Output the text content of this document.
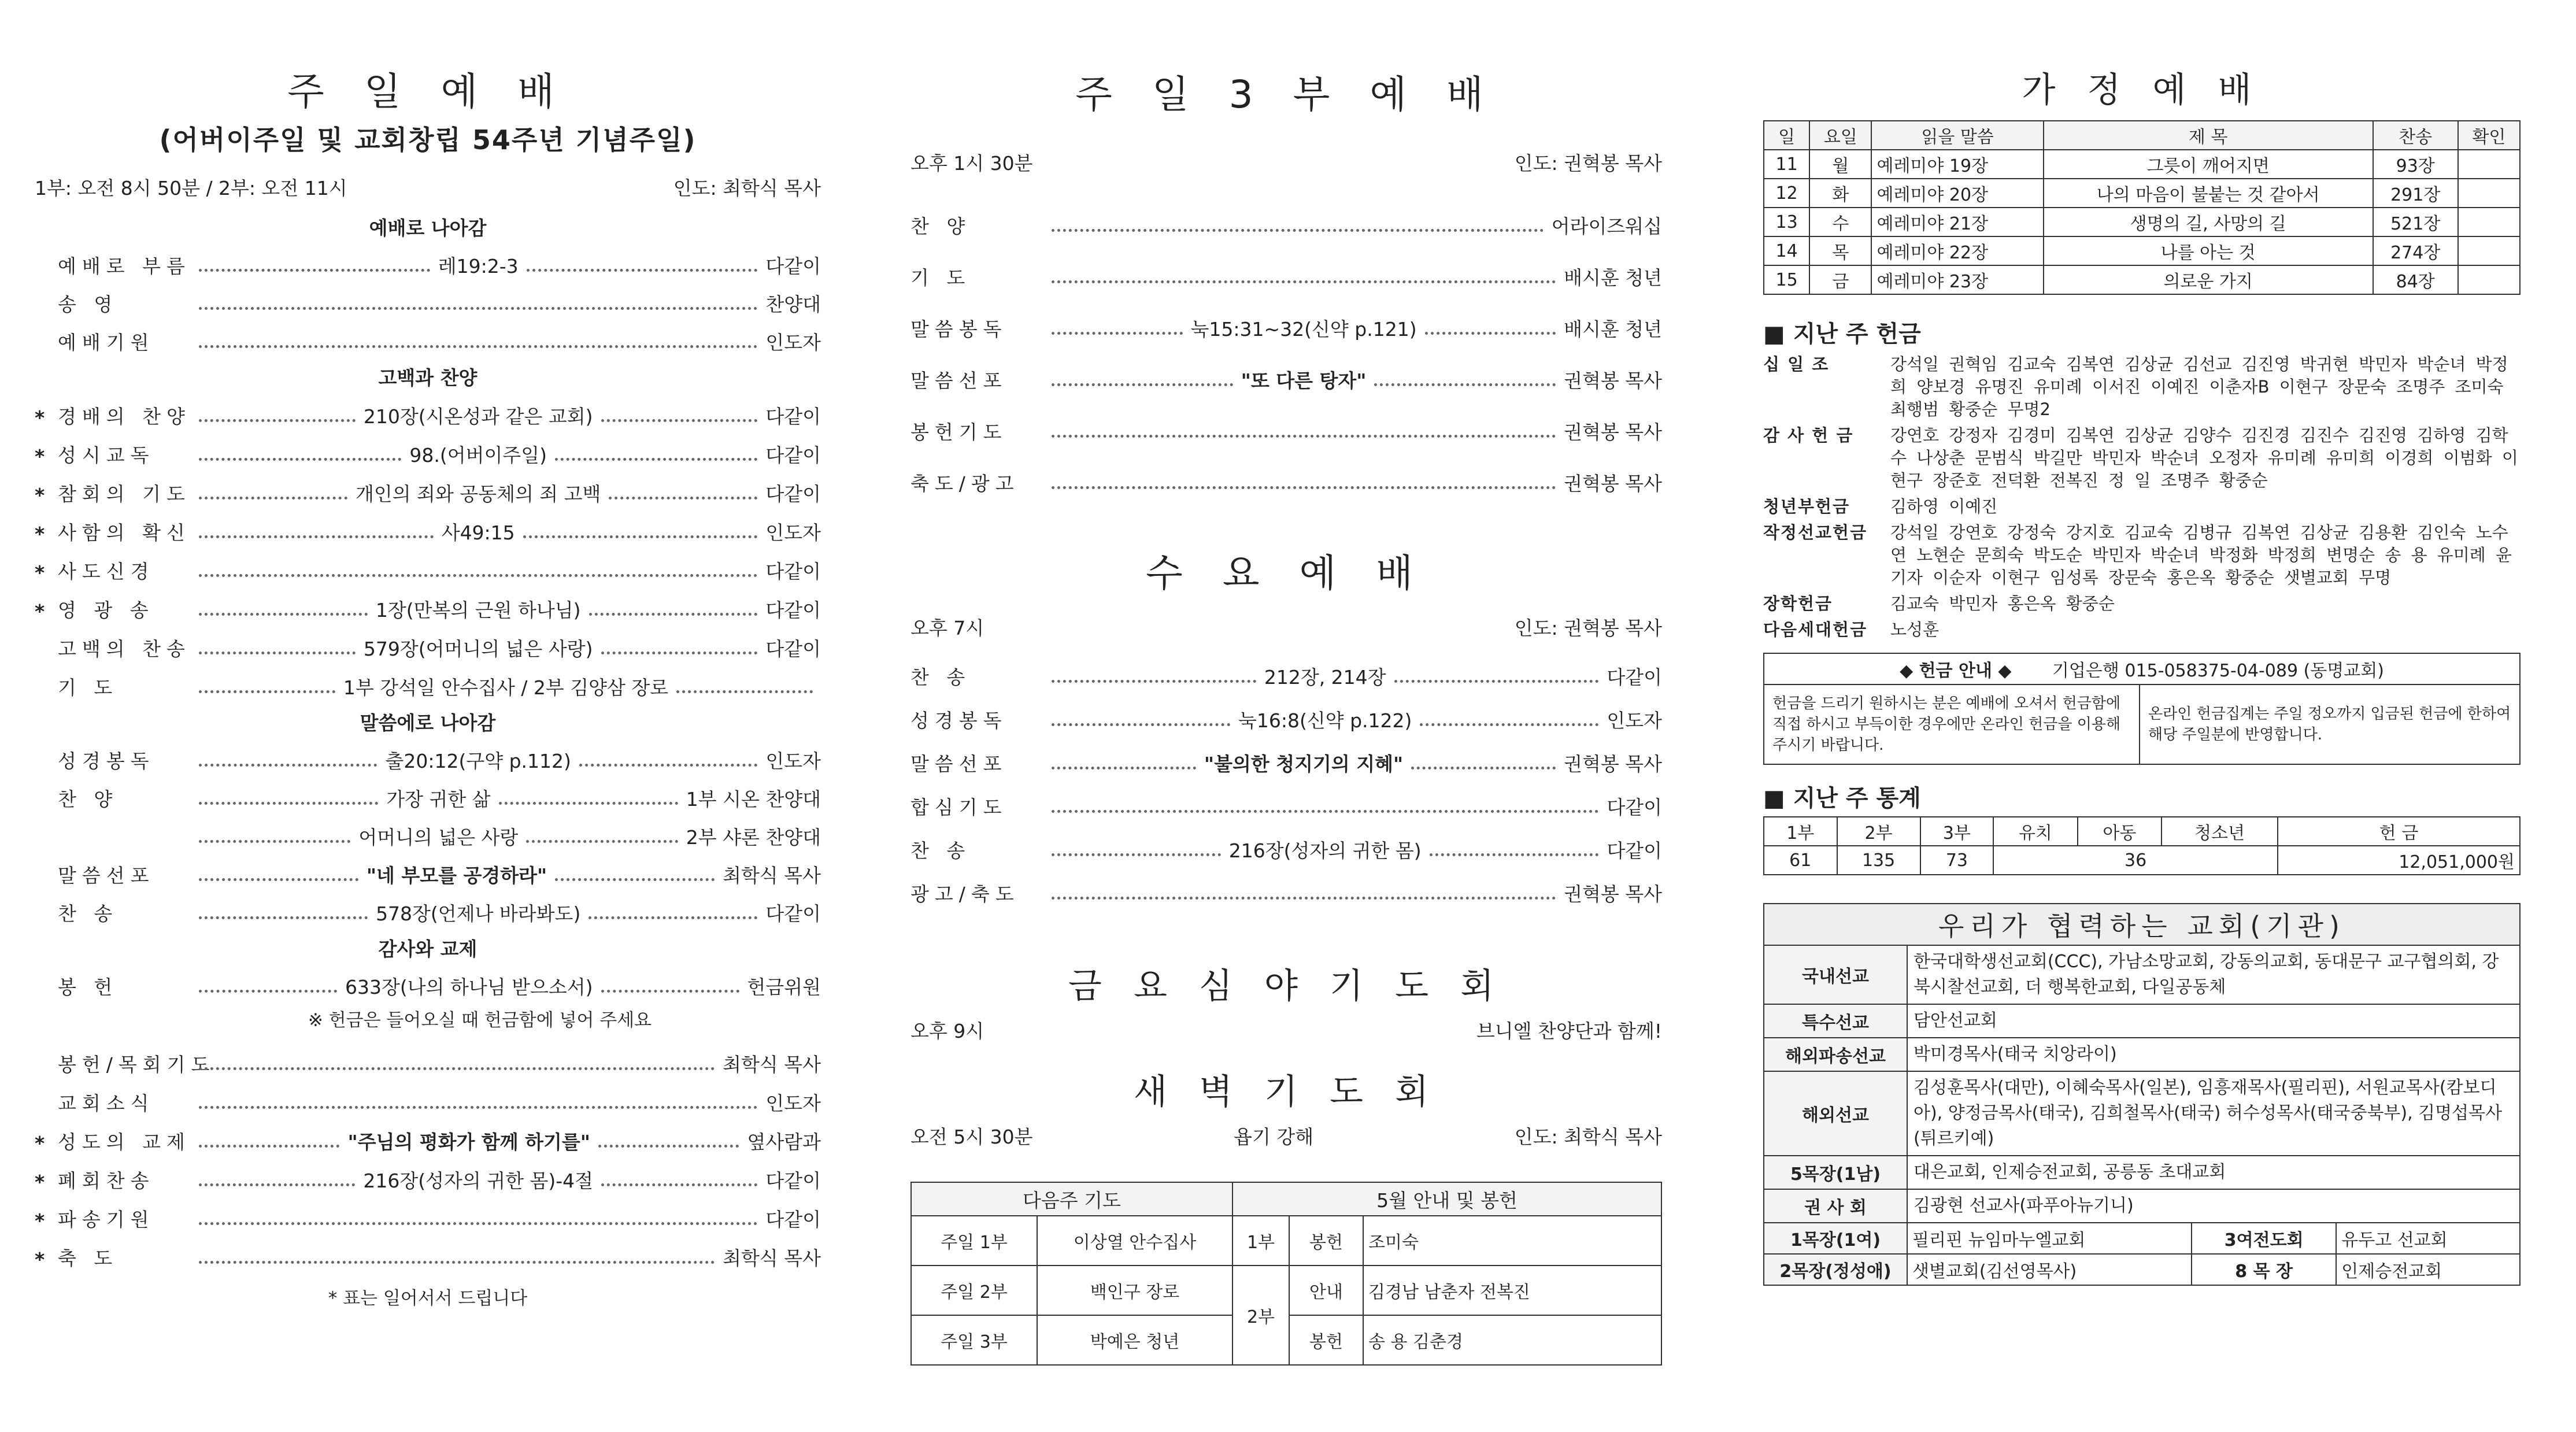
주 일 예 배
(어버이주일 및 교회창립 54주년 기념주일)
1부: 오전 8시 50분 / 2부: 오전 11시	인도: 최학식 목사
예배로 나아감
예배로 부름	레19:2-3	다같이
송 영	찬양대
예배기원	인도자
고백과 찬양
* 경배의 찬양	210장(시온성과 같은 교회)	다같이
* 성시교독	98.(어버이주일)	다같이
* 참회의 기도	개인의 죄와 공동체의 죄 고백	다같이
* 사함의 확신	사49:15	인도자
* 사도신경	다같이
* 영 광 송	1장(만복의 근원 하나님)	다같이
고백의 찬송	579장(어머니의 넓은 사랑)	다같이
기 도	1부 강석일 안수집사 / 2부 김양삼 장로
말씀에로 나아감
성경봉독	출20:12(구약 p.112)	인도자
찬 양	가장 귀한 삶	1부 시온 찬양대
어머니의 넓은 사랑	2부 샤론 찬양대
말씀선포	"네 부모를 공경하라"	최학식 목사
찬 송	578장(언제나 바라봐도)	다같이
감사와 교제
봉 헌	633장(나의 하나님 받으소서)	헌금위원
※ 헌금은 들어오실 때 헌금함에 넣어 주세요
봉헌/목회기도	최학식 목사
교회소식	인도자
* 성도의 교제	"주님의 평화가 함께 하기를"	옆사람과
* 폐회찬송	216장(성자의 귀한 몸)-4절	다같이
* 파송기원	다같이
* 축 도	최학식 목사
* 표는 일어서서 드립니다
주 일 3 부 예 배
오후 1시 30분	인도: 권혁봉 목사
찬 양	어라이즈워십
기 도	배시훈 청년
말씀봉독	눅15:31~32(신약 p.121)	배시훈 청년
말씀선포	"또 다른 탕자"	권혁봉 목사
봉헌기도	권혁봉 목사
축도/광고	권혁봉 목사
수 요 예 배
오후 7시	인도: 권혁봉 목사
찬 송	212장, 214장	다같이
성경봉독	눅16:8(신약 p.122)	인도자
말씀선포	"불의한 청지기의 지혜"	권혁봉 목사
합심기도	다같이
찬 송	216장(성자의 귀한 몸)	다같이
광고/축도	권혁봉 목사
금 요 심 야 기 도 회
오후 9시	브니엘 찬양단과 함께!
새 벽 기 도 회
오전 5시 30분	욥기 강해	인도: 최학식 목사
다음주 기도		5월 안내 및 봉헌		
주일 1부	이상열 안수집사	1부	봉헌	조미숙
주일 2부	백인구 장로	2부	안내	김경남 남춘자 전복진
주일 3부	박예은 청년		봉헌	송 용 김춘경
가 정 예 배
일	요일	읽을 말씀	제 목	찬송	확인
11	월	예레미야 19장	그릇이 깨어지면	93장	
12	화	예레미야 20장	나의 마음이 불붙는 것 같아서	291장	
13	수	예레미야 21장	생명의 길, 사망의 길	521장	
14	목	예레미야 22장	나를 아는 것	274장	
15	금	예레미야 23장	의로운 가지	84장	
■ 지난 주 헌금
십 일 조	강석일 권혁임 김교숙 김복연 김상균 김선교 김진영 박귀현 박민자 박순녀 박정희 양보경 유명진 유미례 이서진 이예진 이춘자B 이현구 장문숙 조명주 조미숙 최행범 황중순 무명2
감 사 헌 금	강연호 강정자 김경미 김복연 김상균 김양수 김진경 김진수 김진영 김하영 김학수 나상춘 문범식 박길만 박민자 박순녀 오정자 유미례 유미희 이경희 이범화 이현구 장준호 전덕환 전복진 정 일 조명주 황중순
청년부헌금	김하영 이예진
작정선교헌금	강석일 강연호 강정숙 강지호 김교숙 김병규 김복연 김상균 김용환 김인숙 노수연 노현순 문희숙 박도순 박민자 박순녀 박정화 박정희 변명순 송 용 유미례 윤기자 이순자 이현구 임성록 장문숙 홍은옥 황중순 샛별교회 무명
장학헌금	김교숙 박민자 홍은옥 황중순
다음세대헌금	노성훈
◆ 헌금 안내 ◆ 기업은행 015-058375-04-089 (동명교회)
헌금을 드리기 원하시는 분은 예배에 오셔서 헌금함에 직접 하시고 부득이한 경우에만 온라인 헌금을 이용해 주시기 바랍니다.	온라인 헌금집계는 주일 정오까지 입금된 헌금에 한하여 해당 주일분에 반영합니다.
■ 지난 주 통계
1부	2부	3부	유치	아동	청소년	헌 금
61	135	73	36			12,051,000원
우리가 협력하는 교회(기관)			
국내선교	한국대학생선교회(CCC), 가남소망교회, 강동의교회, 동대문구 교구협의회, 강북시찰선교회, 더 행복한교회, 다일공동체		
특수선교	담안선교회		
해외파송선교	박미경목사(태국 치앙라이)		
해외선교	김성훈목사(대만), 이혜숙목사(일본), 임흥재목사(필리핀), 서원교목사(캄보디아), 양정금목사(태국), 김희철목사(태국) 허수성목사(태국중북부), 김명섭목사(튀르키예)		
5목장(1남)	대은교회, 인제승전교회, 공릉동 초대교회		
권 사 회	김광현 선교사(파푸아뉴기니)		
1목장(1여)	필리핀 뉴임마누엘교회	3여전도회	유두고 선교회
2목장(정성애)	샛별교회(김선영목사)	8 목 장	인제승전교회
